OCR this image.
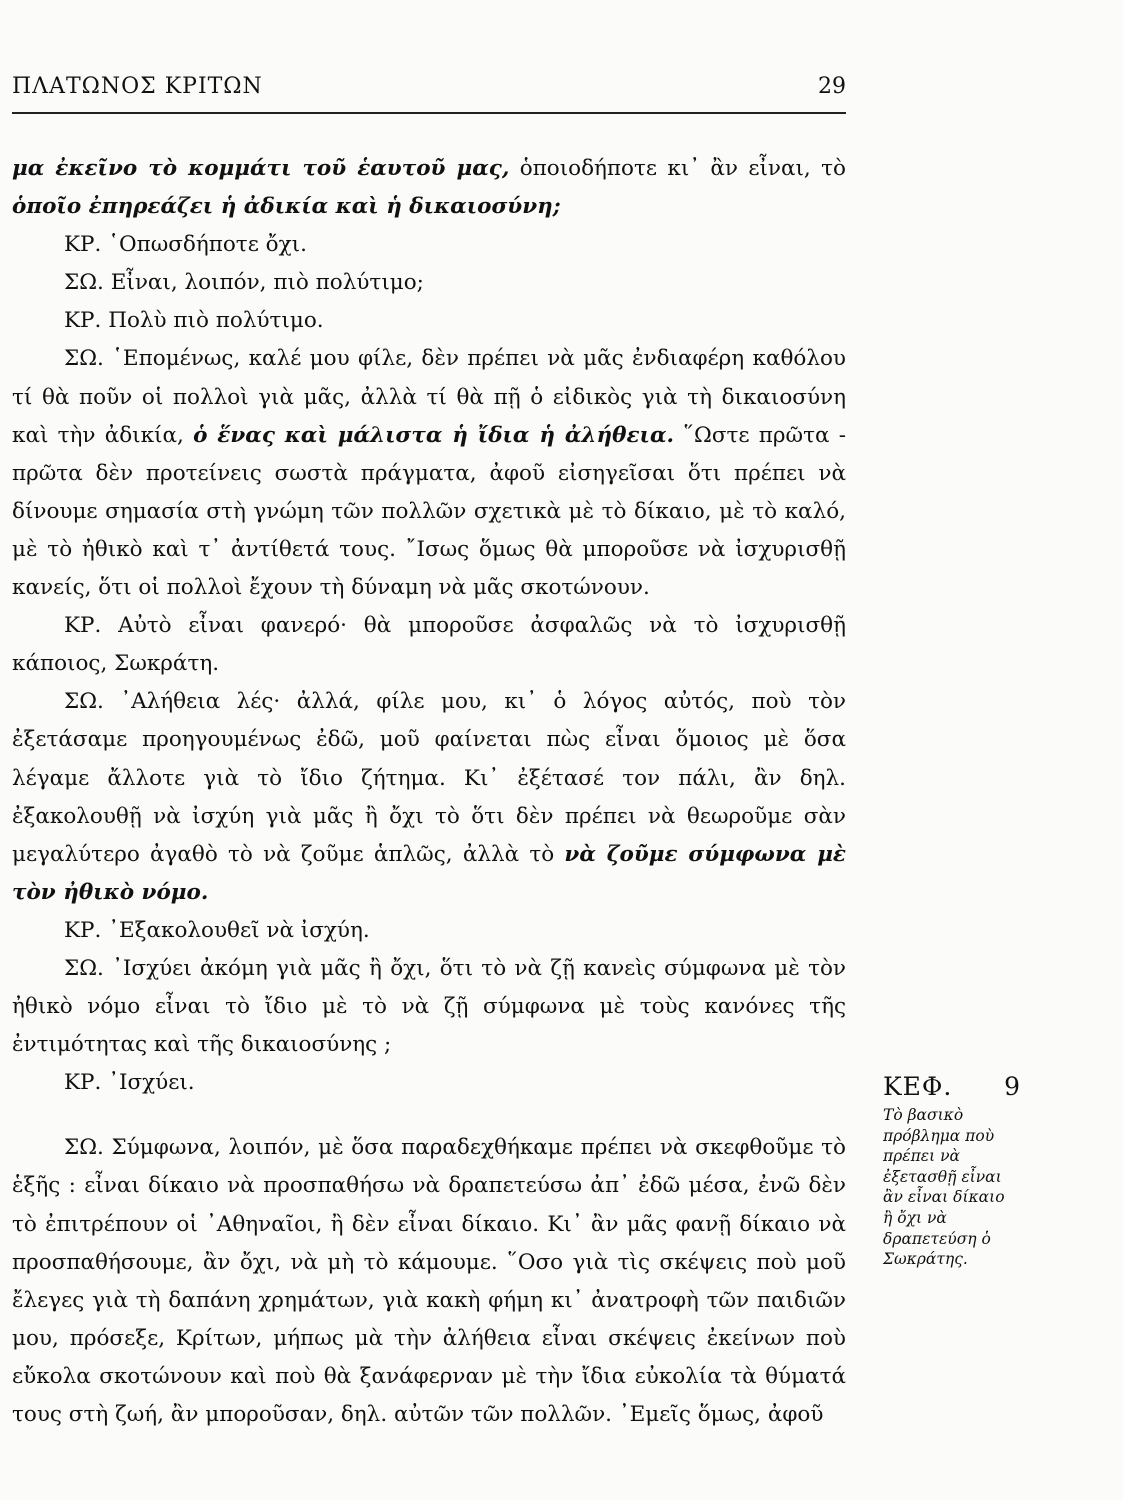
ΠΛΑΤΩΝΟΣ ΚΡΙΤΩΝ	29

μα ἐκεῖνο τὸ κομμάτι τοῦ ἑαυτοῦ μας, ὁποιοδήποτε κι᾽ ἂν εἶναι, τὸ ὁποῖο ἐπηρεάζει ἡ ἀδικία καὶ ἡ δικαιοσύνη;

ΚΡ. ῾Οπωσδήποτε ὄχι.

ΣΩ. Εἶναι, λοιπόν, πιὸ πολύτιμο;

ΚΡ. Πολὺ πιὸ πολύτιμο.

ΣΩ. ῾Επομένως, καλέ μου φίλε, δὲν πρέπει νὰ μᾶς ἐνδιαφέρη καθόλου τί θὰ ποῦν οἱ πολλοὶ γιὰ μᾶς, ἀλλὰ τί θὰ πῇ ὁ εἰδικὸς γιὰ τὴ δικαιοσύνη καὶ τὴν ἀδικία, ὁ ἕνας καὶ μάλιστα ἡ ἴδια ἡ ἀλήθεια. ῞Ωστε πρῶτα - πρῶτα δὲν προτείνεις σωστὰ πράγματα, ἀφοῦ εἰσηγεῖσαι ὅτι πρέπει νὰ δίνουμε σημασία στὴ γνώμη τῶν πολλῶν σχετικὰ μὲ τὸ δίκαιο, μὲ τὸ καλό, μὲ τὸ ἠθικὸ καὶ τ᾽ ἀντίθετά τους. ῎Ισως ὅμως θὰ μποροῦσε νὰ ἰσχυρισθῇ κανείς, ὅτι οἱ πολλοὶ ἔχουν τὴ δύναμη νὰ μᾶς σκοτώνουν.

ΚΡ. Αὐτὸ εἶναι φανερό· θὰ μποροῦσε ἀσφαλῶς νὰ τὸ ἰσχυρισθῇ κάποιος, Σωκράτη.

ΣΩ. ᾽Αλήθεια λές· ἀλλά, φίλε μου, κι᾽ ὁ λόγος αὐτός, ποὺ τὸν ἐξετάσαμε προηγουμένως ἐδῶ, μοῦ φαίνεται πὼς εἶναι ὅμοιος μὲ ὅσα λέγαμε ἄλλοτε γιὰ τὸ ἴδιο ζήτημα. Κι᾽ ἐξέτασέ τον πάλι, ἂν δηλ. ἐξακολουθῇ νὰ ἰσχύη γιὰ μᾶς ἢ ὄχι τὸ ὅτι δὲν πρέπει νὰ θεωροῦμε σὰν μεγαλύτερο ἀγαθὸ τὸ νὰ ζοῦμε ἁπλῶς, ἀλλὰ τὸ νὰ ζοῦμε σύμφωνα μὲ τὸν ἠθικὸ νόμο.

ΚΡ. ᾽Εξακολουθεῖ νὰ ἰσχύη.

ΣΩ. ᾽Ισχύει ἀκόμη γιὰ μᾶς ἢ ὄχι, ὅτι τὸ νὰ ζῇ κανεὶς σύμφωνα μὲ τὸν ἠθικὸ νόμο εἶναι τὸ ἴδιο μὲ τὸ νὰ ζῇ σύμφωνα μὲ τοὺς κανόνες τῆς ἐντιμότητας καὶ τῆς δικαιοσύνης ;

ΚΡ. ᾽Ισχύει.

ΣΩ. Σύμφωνα, λοιπόν, μὲ ὅσα παραδεχθήκαμε πρέπει νὰ σκεφθοῦμε τὸ ἑξῆς : εἶναι δίκαιο νὰ προσπαθήσω νὰ δραπετεύσω ἀπ᾽ ἐδῶ μέσα, ἐνῶ δὲν τὸ ἐπιτρέπουν οἱ ᾽Αθηναῖοι, ἢ δὲν εἶναι δίκαιο. Κι᾽ ἂν μᾶς φανῇ δίκαιο νὰ προσπαθήσουμε, ἂν ὄχι, νὰ μὴ τὸ κάμουμε. ῞Οσο γιὰ τὶς σκέψεις ποὺ μοῦ ἔλεγες γιὰ τὴ δαπάνη χρημάτων, γιὰ κακὴ φήμη κι᾽ ἀνατροφὴ τῶν παιδιῶν μου, πρόσεξε, Κρίτων, μήπως μὰ τὴν ἀλήθεια εἶναι σκέψεις ἐκείνων ποὺ εὔκολα σκοτώνουν καὶ ποὺ θὰ ξανάφερναν μὲ τὴν ἴδια εὐκολία τὰ θύματά τους στὴ ζωή, ἂν μποροῦσαν, δηλ. αὐτῶν τῶν πολλῶν. ᾽Εμεῖς ὅμως, ἀφοῦ

ΚΕΦ. 9
Τὸ βασικὸ πρόβλημα ποὺ πρέπει νὰ ἐξετασθῇ εἶναι ἂν εἶναι δίκαιο ἢ ὄχι νὰ δραπετεύση ὁ Σωκράτης.
